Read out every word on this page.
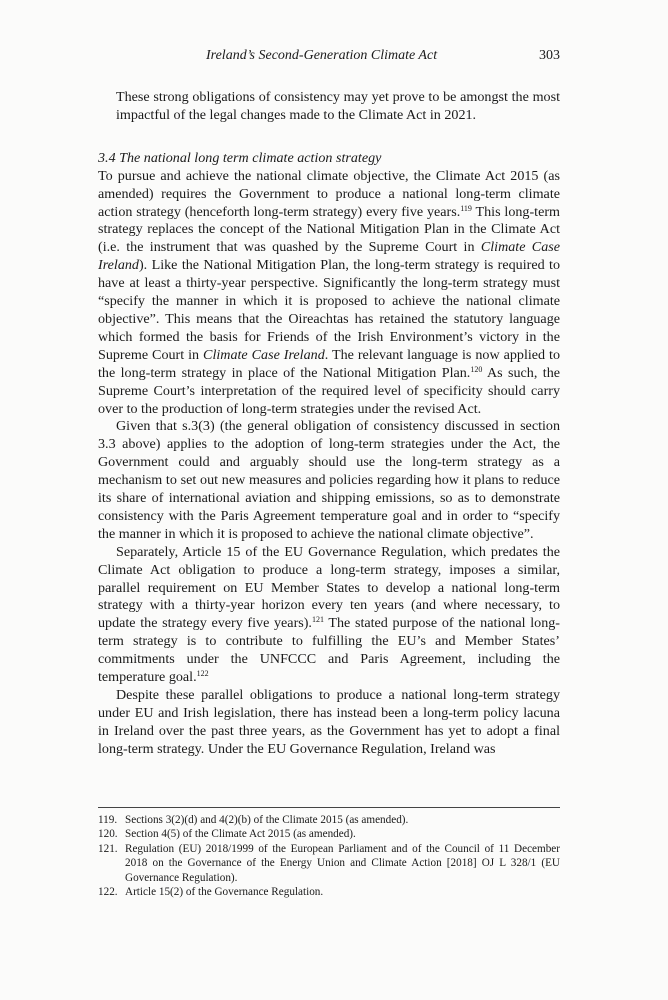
Ireland’s Second-Generation Climate Act	303

These strong obligations of consistency may yet prove to be amongst the most impactful of the legal changes made to the Climate Act in 2021.

3.4 The national long term climate action strategy

To pursue and achieve the national climate objective, the Climate Act 2015 (as amended) requires the Government to produce a national long-term climate action strategy (henceforth long-term strategy) every five years.$^{119}$ This long-term strategy replaces the concept of the National Mitigation Plan in the Climate Act (i.e. the instrument that was quashed by the Supreme Court in Climate Case Ireland). Like the National Mitigation Plan, the long-term strategy is required to have at least a thirty-year perspective. Significantly the long-term strategy must “specify the manner in which it is proposed to achieve the national climate objective”. This means that the Oireachtas has retained the statutory language which formed the basis for Friends of the Irish Environment’s victory in the Supreme Court in Climate Case Ireland. The relevant language is now applied to the long-term strategy in place of the National Mitigation Plan.$^{120}$ As such, the Supreme Court’s interpretation of the required level of specificity should carry over to the production of long-term strategies under the revised Act.

Given that s.3(3) (the general obligation of consistency discussed in section 3.3 above) applies to the adoption of long-term strategies under the Act, the Government could and arguably should use the long-term strategy as a mechanism to set out new measures and policies regarding how it plans to reduce its share of international aviation and shipping emissions, so as to demonstrate consistency with the Paris Agreement temperature goal and in order to “specify the manner in which it is proposed to achieve the national climate objective”.

Separately, Article 15 of the EU Governance Regulation, which predates the Climate Act obligation to produce a long-term strategy, imposes a similar, parallel requirement on EU Member States to develop a national long-term strategy with a thirty-year horizon every ten years (and where necessary, to update the strategy every five years).$^{121}$ The stated purpose of the national long-term strategy is to contribute to fulfilling the EU’s and Member States’ commitments under the UNFCCC and Paris Agreement, including the temperature goal.$^{122}$

Despite these parallel obligations to produce a national long-term strategy under EU and Irish legislation, there has instead been a long-term policy lacuna in Ireland over the past three years, as the Government has yet to adopt a final long-term strategy. Under the EU Governance Regulation, Ireland was

119. Sections 3(2)(d) and 4(2)(b) of the Climate 2015 (as amended).
120. Section 4(5) of the Climate Act 2015 (as amended).
121. Regulation (EU) 2018/1999 of the European Parliament and of the Council of 11 December 2018 on the Governance of the Energy Union and Climate Action [2018] OJ L 328/1 (EU Governance Regulation).
122. Article 15(2) of the Governance Regulation.
